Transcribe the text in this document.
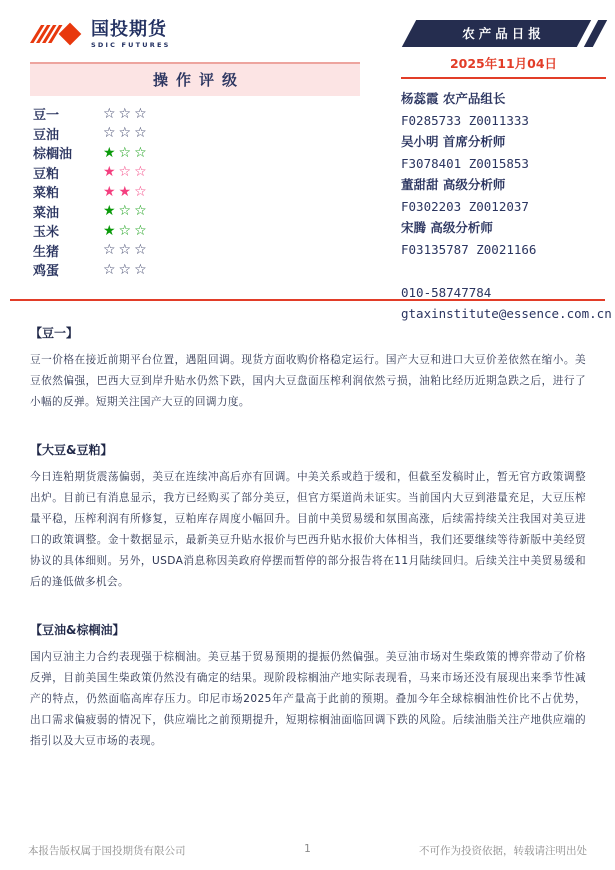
国投期货
SDIC FUTURES
农产品日报
2025年11月04日
操作评级
豆一	☆☆☆
豆油	☆☆☆
棕榈油	★☆☆
豆粕	★☆☆
菜粕	★★☆
菜油	★☆☆
玉米	★☆☆
生猪	☆☆☆
鸡蛋	☆☆☆
杨蕊霞 农产品组长
F0285733 Z0011333
吴小明 首席分析师
F3078401 Z0015853
董甜甜 高级分析师
F0302203 Z0012037
宋腾 高级分析师
F03135787 Z0021166
010-58747784
gtaxinstitute@essence.com.cn
【豆一】

豆一价格在接近前期平台位置，遇阻回调。现货方面收购价格稳定运行。国产大豆和进口大豆价差依然在缩小。美豆依然偏强，巴西大豆到岸升贴水仍然下跌，国内大豆盘面压榨利润依然亏损，油粕比经历近期急跌之后，进行了小幅的反弹。短期关注国产大豆的回调力度。

【大豆&豆粕】

今日连粕期货震荡偏弱，美豆在连续冲高后亦有回调。中美关系或趋于缓和，但截至发稿时止，暂无官方政策调整出炉。目前已有消息显示，我方已经购买了部分美豆，但官方渠道尚未证实。当前国内大豆到港量充足，大豆压榨量平稳，压榨利润有所修复，豆粕库存周度小幅回升。目前中美贸易缓和氛围高涨，后续需持续关注我国对美豆进口的政策调整。金十数据显示，最新美豆升贴水报价与巴西升贴水报价大体相当，我们还要继续等待新版中美经贸协议的具体细则。另外，USDA消息称因美政府停摆而暂停的部分报告将在11月陆续回归。后续关注中美贸易缓和后的逢低做多机会。

【豆油&棕榈油】

国内豆油主力合约表现强于棕榈油。美豆基于贸易预期的提振仍然偏强。美豆油市场对生柴政策的博弈带动了价格反弹，目前美国生柴政策仍然没有确定的结果。现阶段棕榈油产地实际表现看，马来市场还没有展现出来季节性减产的特点，仍然面临高库存压力。印尼市场2025年产量高于此前的预期。叠加今年全球棕榈油性价比不占优势，出口需求偏疲弱的情况下，供应端比之前预期提升，短期棕榈油面临回调下跌的风险。后续油脂关注产地供应端的指引以及大豆市场的表现。

本报告版权属于国投期货有限公司	1	不可作为投资依据，转载请注明出处
